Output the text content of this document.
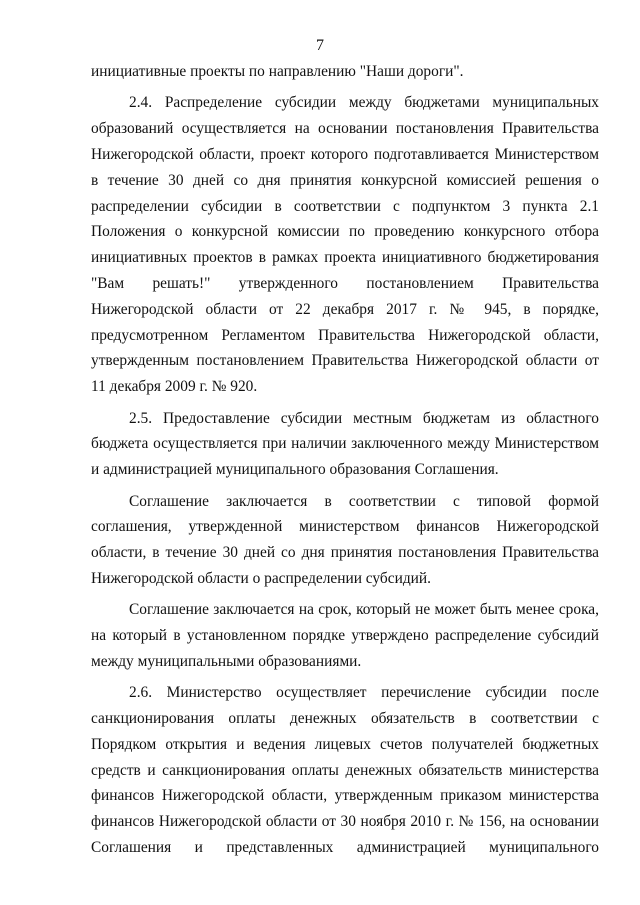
7

инициативные проекты по направлению "Наши дороги".

2.4. Распределение субсидии между бюджетами муниципальных образований осуществляется на основании постановления Правительства Нижегородской области, проект которого подготавливается Министерством в течение 30 дней со дня принятия конкурсной комиссией решения о распределении субсидии в соответствии с подпунктом 3 пункта 2.1 Положения о конкурсной комиссии по проведению конкурсного отбора инициативных проектов в рамках проекта инициативного бюджетирования "Вам решать!" утвержденного постановлением Правительства Нижегородской области от 22 декабря 2017 г. № 945, в порядке, предусмотренном Регламентом Правительства Нижегородской области, утвержденным постановлением Правительства Нижегородской области от 11 декабря 2009 г. № 920.

2.5. Предоставление субсидии местным бюджетам из областного бюджета осуществляется при наличии заключенного между Министерством и администрацией муниципального образования Соглашения.

Соглашение заключается в соответствии с типовой формой соглашения, утвержденной министерством финансов Нижегородской области, в течение 30 дней со дня принятия постановления Правительства Нижегородской области о распределении субсидий.

Соглашение заключается на срок, который не может быть менее срока, на который в установленном порядке утверждено распределение субсидий между муниципальными образованиями.

2.6. Министерство осуществляет перечисление субсидии после санкционирования оплаты денежных обязательств в соответствии с Порядком открытия и ведения лицевых счетов получателей бюджетных средств и санкционирования оплаты денежных обязательств министерства финансов Нижегородской области, утвержденным приказом министерства финансов Нижегородской области от 30 ноября 2010 г. № 156, на основании Соглашения и представленных администрацией муниципального
